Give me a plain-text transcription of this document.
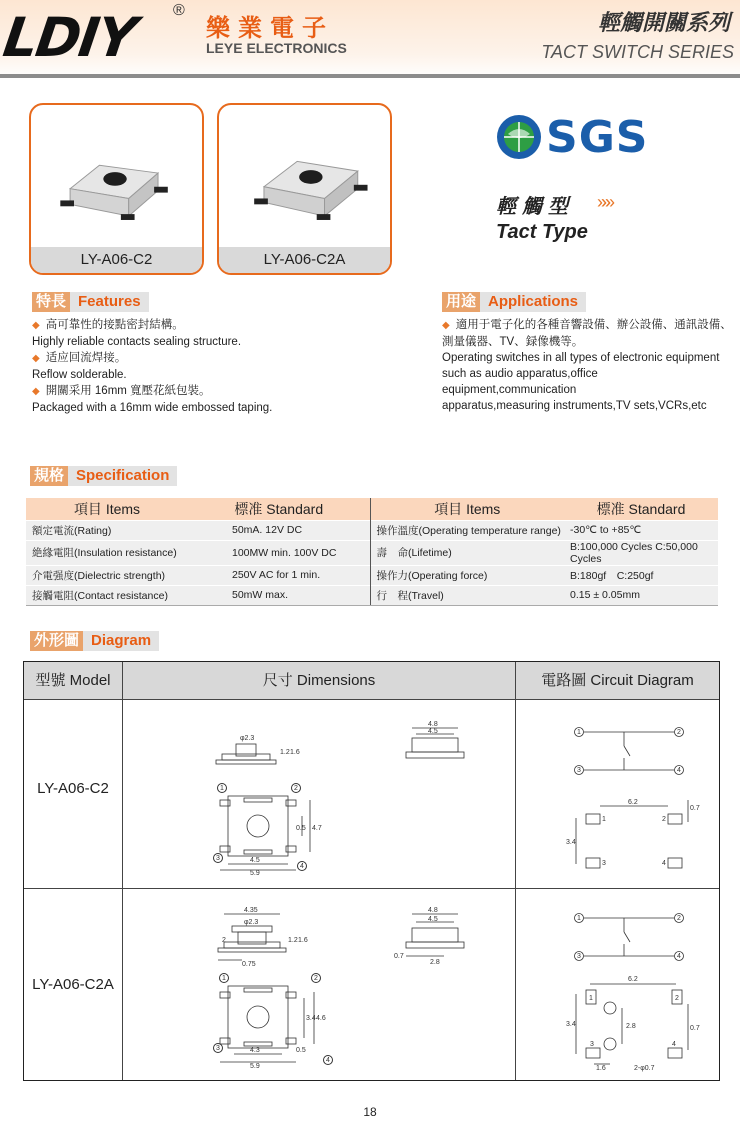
LDIY ®
樂業電子
LEYE ELECTRONICS
輕觸開關系列
TACT SWITCH SERIES
LY-A06-C2	LY-A06-C2A
SGS
輕觸型 »»»
Tact Type
特長 Features
◆ 高可靠性的接點密封結構。
Highly reliable contacts sealing structure.
◆ 适应回流焊接。
Reflow solderable.
◆ 開關采用 16mm 寬壓花紙包裝。
Packaged with a 16mm wide embossed taping.
用途 Applications
◆ 適用于電子化的各種音響設備、辦公設備、通訊設備、
測量儀器、TV、録像機等。
Operating switches in all types of electronic equipment
such as audio apparatus,office equipment,communication
apparatus,measuring instruments,TV sets,VCRs,etc
規格 Specification
項目 Items	標准 Standard	項目 Items	標准 Standard
額定電流(Rating)	50mA. 12V DC	操作溫度(Operating temperature range)	-30℃ to +85℃
絶緣電阻(Insulation resistance)	100MW min. 100V DC	壽　命(Lifetime)	B:100,000 Cycles C:50,000 Cycles
介電强度(Dielectric strength)	250V AC for 1 min.	操作力(Operating force)	B:180gf　C:250gf
接觸電阻(Contact resistance)	50mW max.	行　程(Travel)	0.15 ± 0.05mm
外形圖 Diagram
型號 Model	尺寸 Dimensions	電路圖 Circuit Diagram
LY-A06-C2
LY-A06-C2A
1	2
3
4
φ2.3
1.2 1.6
4.8
4.5
0.5 4.7
4.5
5.9
1	2
3	4
1	2
3	4
6.2
0.7
3.4
1	2
3
4
4.35
φ2.3
2	1.2 1.6
0.75
4.8
4.5
0.7
2.8
3.4 4.6
0.5
4.3
5.9
1	2
3	4
1	2
3	4
6.2
0.7
3.4	2.8
1.6	2-φ0.7
18
